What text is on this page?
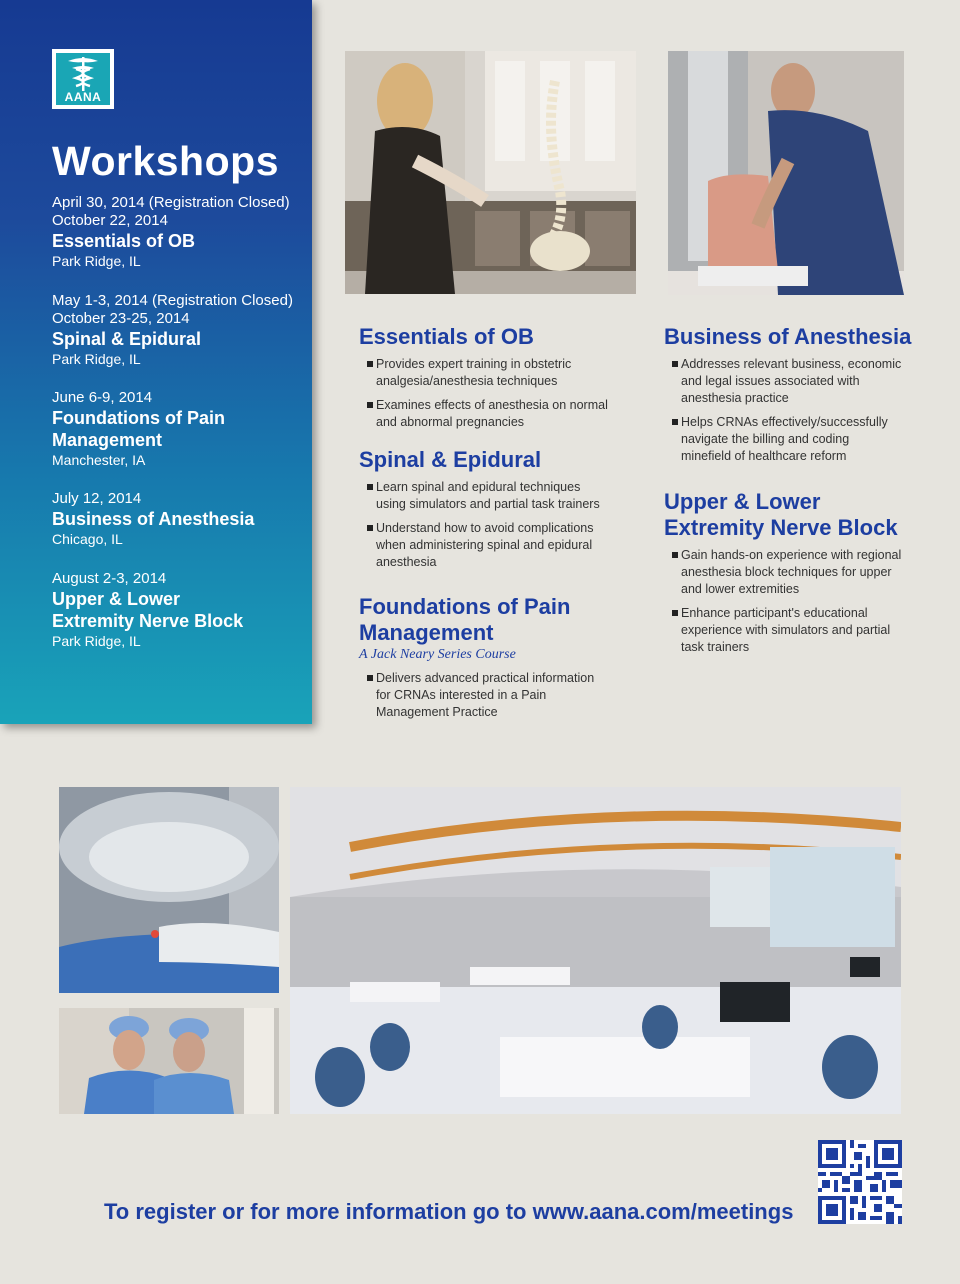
AANA
Workshops
April 30, 2014 (Registration Closed)
October 22, 2014
Essentials of OB
Park Ridge, IL
May 1-3, 2014 (Registration Closed)
October 23-25, 2014
Spinal & Epidural
Park Ridge, IL
June 6-9, 2014
Foundations of Pain
Management
Manchester, IA
July 12, 2014
Business of Anesthesia
Chicago, IL
August 2-3, 2014
Upper & Lower
Extremity Nerve Block
Park Ridge, IL
Essentials of OB
Provides expert training in obstetric
analgesia/anesthesia techniques
Examines effects of anesthesia on normal
and abnormal pregnancies
Spinal & Epidural
Learn spinal and epidural techniques
using simulators and partial task trainers
Understand how to avoid complications
when administering spinal and epidural
anesthesia
Foundations of Pain
Management
A Jack Neary Series Course
Delivers advanced practical information
for CRNAs interested in a Pain
Management Practice
Business of Anesthesia
Addresses relevant business, economic
and legal issues associated with
anesthesia practice
Helps CRNAs effectively/successfully
navigate the billing and coding
minefield of healthcare reform
Upper & Lower
Extremity Nerve Block
Gain hands-on experience with regional
anesthesia block techniques for upper
and lower extremities
Enhance participant's educational
experience with simulators and partial
task trainers
To register or for more information go to www.aana.com/meetings
